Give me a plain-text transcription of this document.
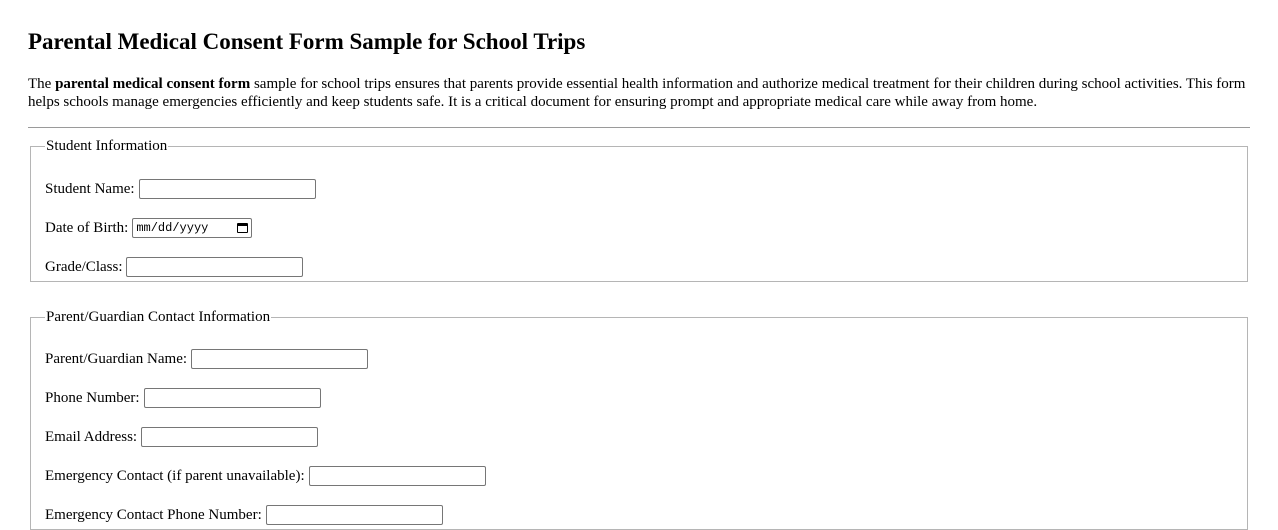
Parental Medical Consent Form Sample for School Trips

The parental medical consent form sample for school trips ensures that parents provide essential health information and authorize medical treatment for their children during school activities. This form helps schools manage emergencies efficiently and keep students safe. It is a critical document for ensuring prompt and appropriate medical care while away from home.

Student Information
Student Name:
Date of Birth: mm/dd/yyyy
Grade/Class:
Parent/Guardian Contact Information
Parent/Guardian Name:
Phone Number:
Email Address:
Emergency Contact (if parent unavailable):
Emergency Contact Phone Number:
